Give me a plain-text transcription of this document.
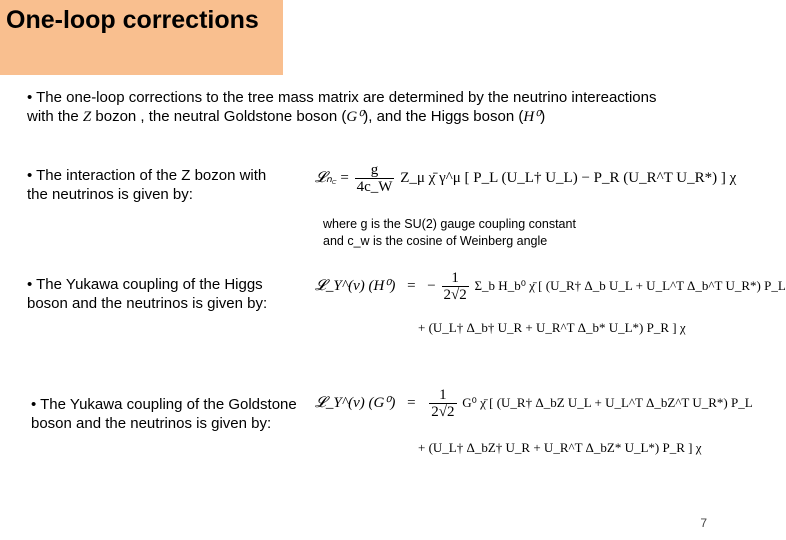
One-loop corrections
• The one-loop corrections to the tree mass matrix are determined by the neutrino intereactions with the Z bozon , the neutral Goldstone boson (G⁰), and the Higgs boson (H⁰)
• The interaction of the Z bozon with the neutrinos is given by:
𝓛ₙ꜀ = $\frac{g}{4c\_W}$ Z_μ χ̄ γ^μ [ P_L (U_L† U_L) − P_R (U_R^T U_R*) ] χ
where g is the SU(2) gauge coupling constant
and c_w is the cosine of Weinberg angle
• The Yukawa coupling of the Higgs boson and the neutrinos is given by:
𝓛_Y^(ν) (H⁰) = − $\frac{1}{2√2}$ Σ_b H_b⁰ χ̄ [ (U_R† Δ_b U_L + U_L^T Δ_b^T U_R*) P_L
+ (U_L† Δ_b† U_R + U_R^T Δ_b* U_L*) P_R ] χ
• The Yukawa coupling of the Goldstone boson and the neutrinos is given by:
𝓛_Y^(ν) $(G^0) = \frac{1}{2√2} G^0$ χ̄ [ (U_R† Δ_bZ U_L + U_L^T Δ_bZ^T U_R*) P_L
+ (U_L† Δ_bZ† U_R + U_R^T Δ_bZ* U_L*) P_R ] χ
7
